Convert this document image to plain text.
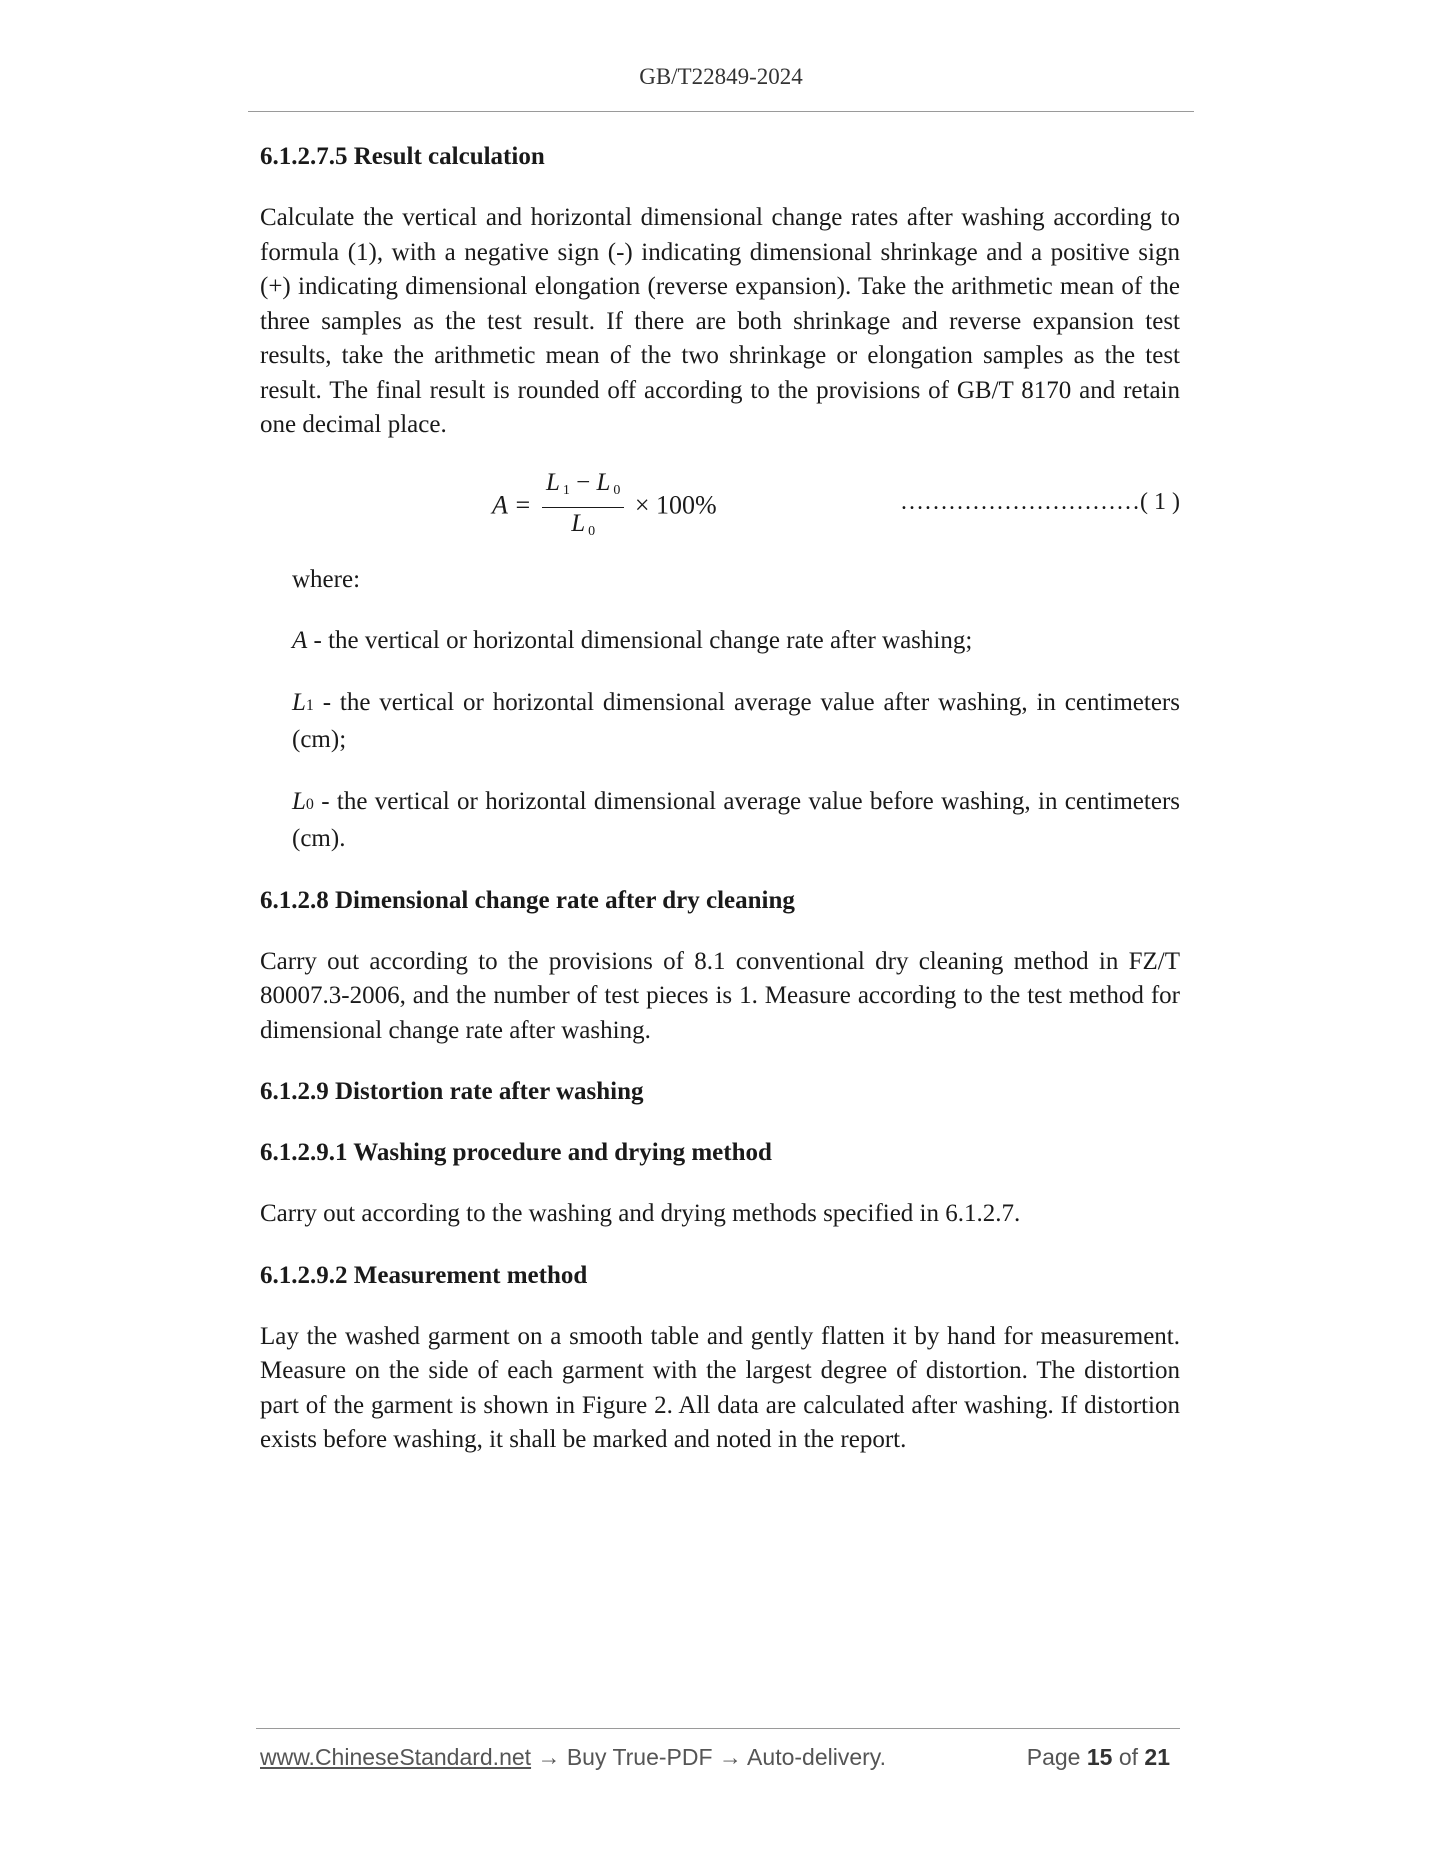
GB/T22849-2024
6.1.2.7.5 Result calculation

Calculate the vertical and horizontal dimensional change rates after washing according to formula (1), with a negative sign (-) indicating dimensional shrinkage and a positive sign (+) indicating dimensional elongation (reverse expansion). Take the arithmetic mean of the three samples as the test result. If there are both shrinkage and reverse expansion test results, take the arithmetic mean of the two shrinkage or elongation samples as the test result. The final result is rounded off according to the provisions of GB/T 8170 and retain one decimal place.

$A = \frac{L _1 - L _0}{L _0} \times 100\%$	…………………………( 1 )

where:

A - the vertical or horizontal dimensional change rate after washing;

L1 - the vertical or horizontal dimensional average value after washing, in centimeters (cm);

L0 - the vertical or horizontal dimensional average value before washing, in centimeters (cm).

6.1.2.8 Dimensional change rate after dry cleaning

Carry out according to the provisions of 8.1 conventional dry cleaning method in FZ/T 80007.3-2006, and the number of test pieces is 1. Measure according to the test method for dimensional change rate after washing.

6.1.2.9 Distortion rate after washing
6.1.2.9.1 Washing procedure and drying method

Carry out according to the washing and drying methods specified in 6.1.2.7.

6.1.2.9.2 Measurement method

Lay the washed garment on a smooth table and gently flatten it by hand for measurement. Measure on the side of each garment with the largest degree of distortion. The distortion part of the garment is shown in Figure 2. All data are calculated after washing. If distortion exists before washing, it shall be marked and noted in the report.

www.ChineseStandard.net → Buy True-PDF → Auto-delivery.	Page 15 of 21
